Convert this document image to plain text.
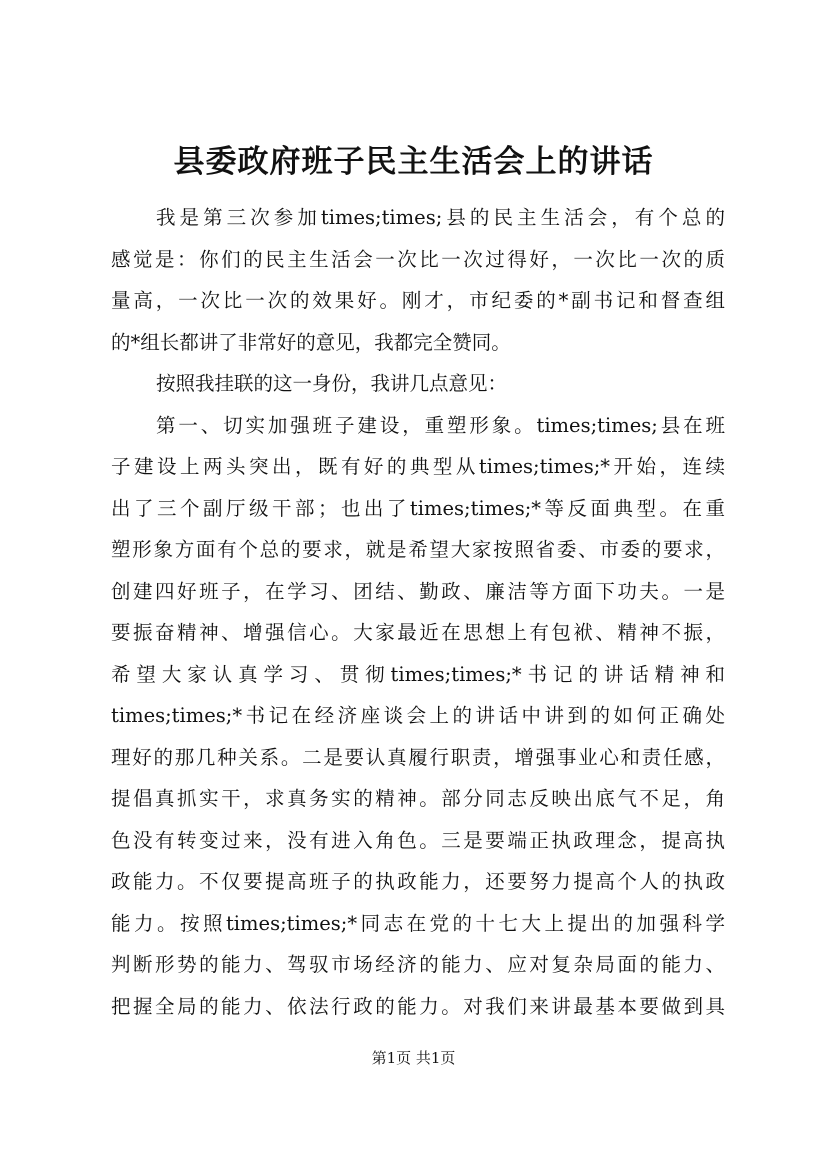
县委政府班子民主生活会上的讲话
我是第三次参加times;times;县的民主生活会，有个总的
感觉是：你们的民主生活会一次比一次过得好，一次比一次的质
量高，一次比一次的效果好。刚才，市纪委的*副书记和督查组
的*组长都讲了非常好的意见，我都完全赞同。
按照我挂联的这一身份，我讲几点意见：
第一、切实加强班子建设，重塑形象。times;times;县在班
子建设上两头突出，既有好的典型从times;times;*开始，连续
出了三个副厅级干部；也出了times;times;*等反面典型。在重
塑形象方面有个总的要求，就是希望大家按照省委、市委的要求，
创建四好班子，在学习、团结、勤政、廉洁等方面下功夫。一是
要振奋精神、增强信心。大家最近在思想上有包袱、精神不振，
希望大家认真学习、贯彻times;times;*书记的讲话精神和
times;times;*书记在经济座谈会上的讲话中讲到的如何正确处
理好的那几种关系。二是要认真履行职责，增强事业心和责任感，
提倡真抓实干，求真务实的精神。部分同志反映出底气不足，角
色没有转变过来，没有进入角色。三是要端正执政理念，提高执
政能力。不仅要提高班子的执政能力，还要努力提高个人的执政
能力。按照times;times;*同志在党的十七大上提出的加强科学
判断形势的能力、驾驭市场经济的能力、应对复杂局面的能力、
把握全局的能力、依法行政的能力。对我们来讲最基本要做到具
第1页 共1页
